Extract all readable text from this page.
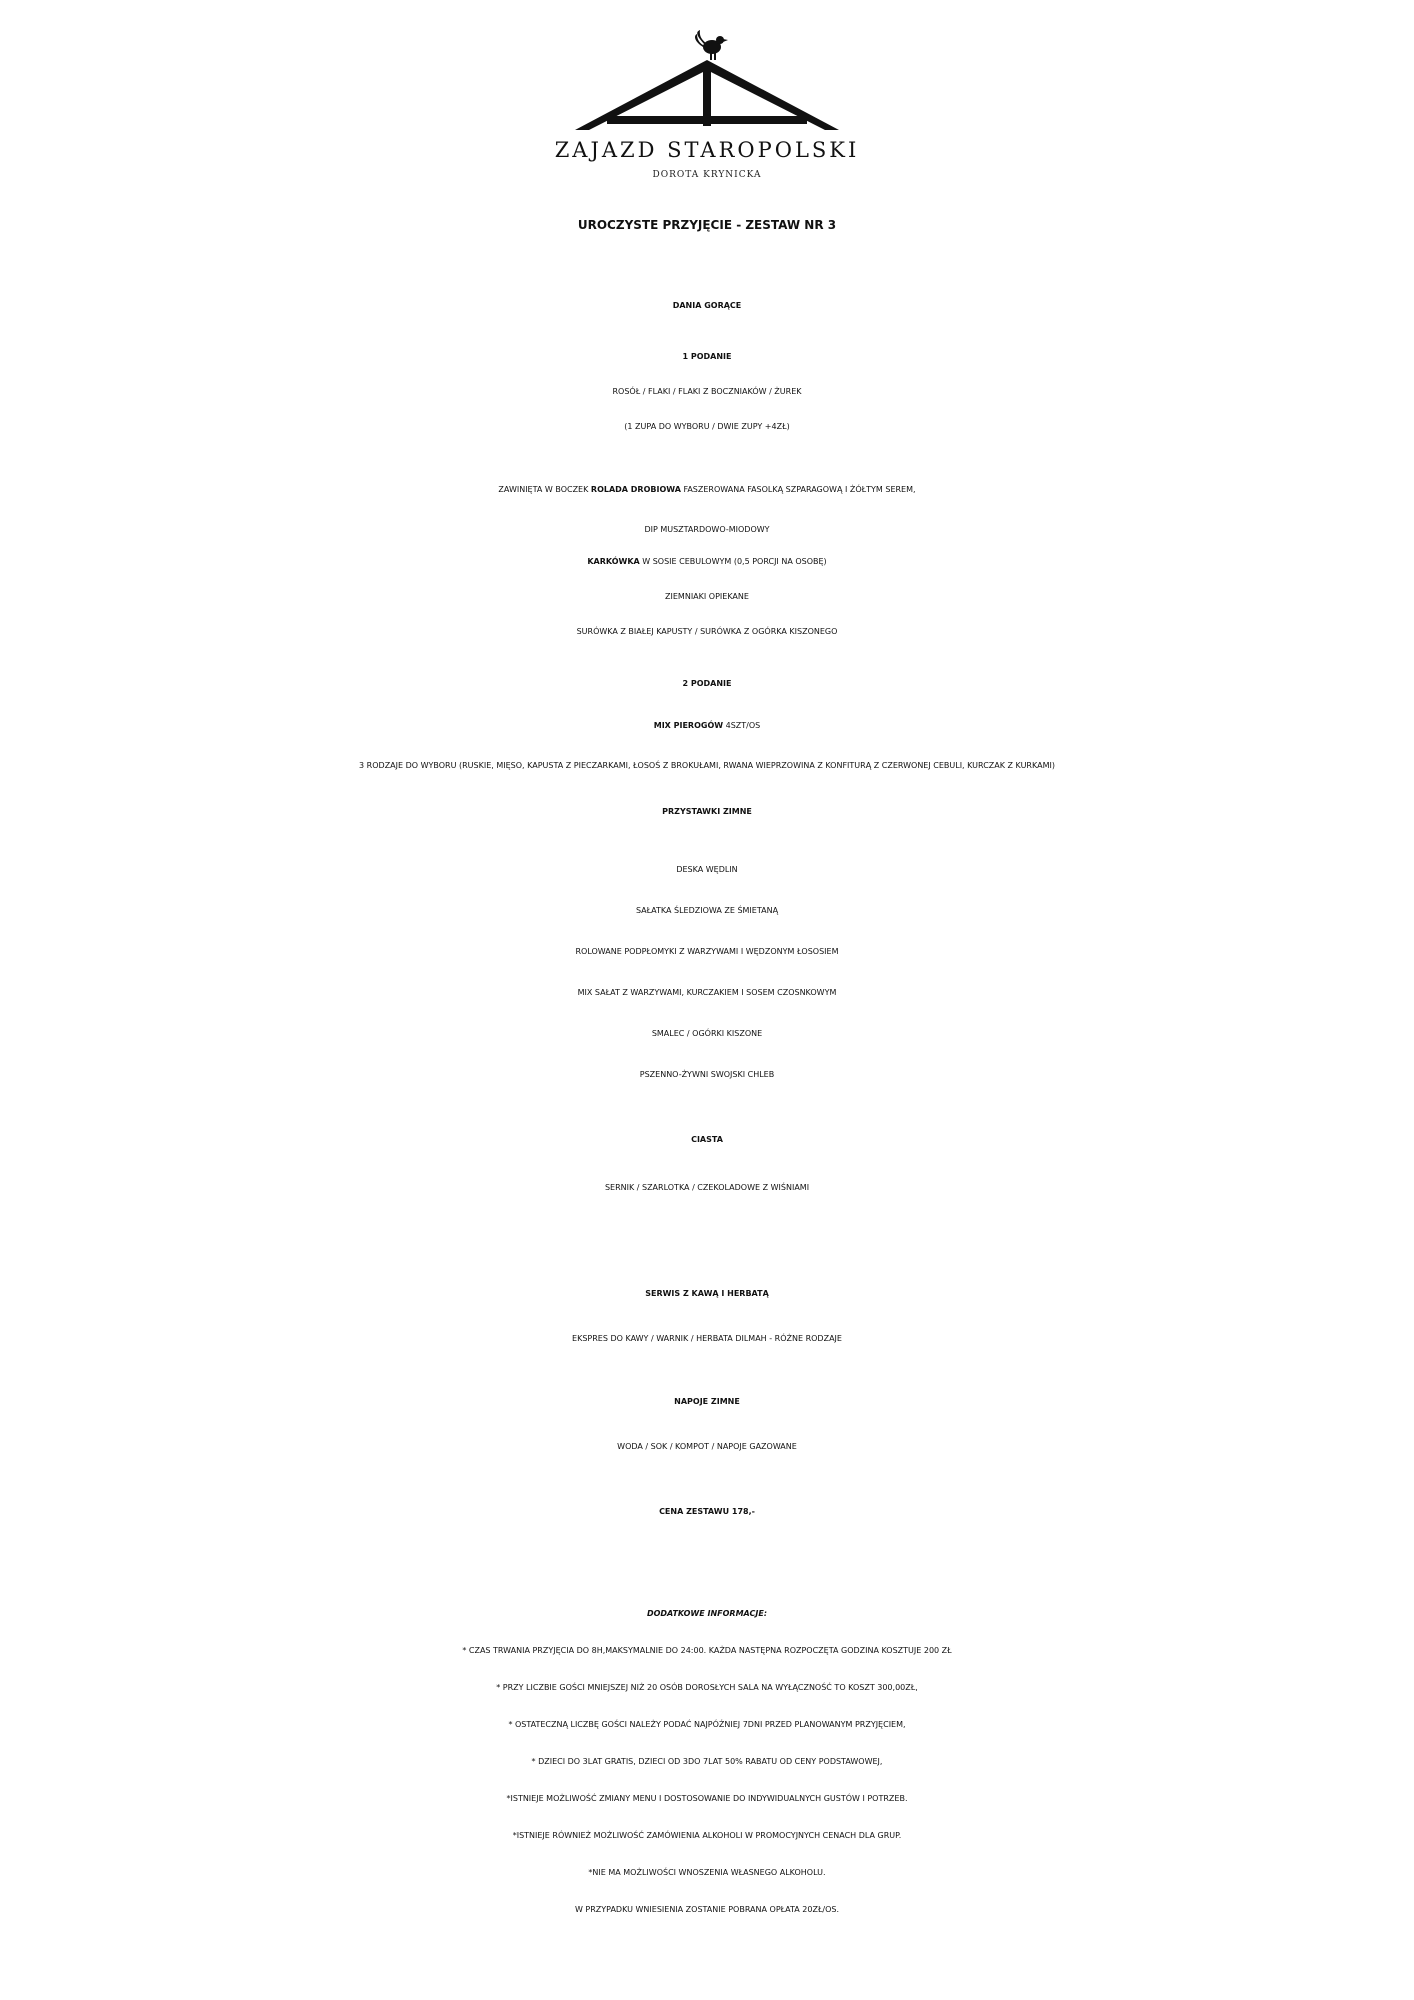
ZAJAZD STAROPOLSKI
DOROTA KRYNICKA
UROCZYSTE PRZYJĘCIE - ZESTAW NR 3
DANIA GORĄCE
1 PODANIE
ROSÓŁ / FLAKI / FLAKI Z BOCZNIAKÓW / ŻUREK
(1 ZUPA DO WYBORU / DWIE ZUPY +4ZŁ)
ZAWINIĘTA W BOCZEK ROLADA DROBIOWA FASZEROWANA FASOLKĄ SZPARAGOWĄ I ŻÓŁTYM SEREM,
DIP MUSZTARDOWO-MIODOWY
KARKÓWKA W SOSIE CEBULOWYM (0,5 PORCJI NA OSOBĘ)
ZIEMNIAKI OPIEKANE
SURÓWKA Z BIAŁEJ KAPUSTY / SURÓWKA Z OGÓRKA KISZONEGO
2 PODANIE
MIX PIEROGÓW 4SZT/OS
3 RODZAJE DO WYBORU (RUSKIE, MIĘSO, KAPUSTA Z PIECZARKAMI, ŁOSOŚ Z BROKUŁAMI, RWANA WIEPRZOWINA Z KONFITURĄ Z CZERWONEJ CEBULI, KURCZAK Z KURKAMI)
PRZYSTAWKI ZIMNE
DESKA WĘDLIN
SAŁATKA ŚLEDZIOWA ZE ŚMIETANĄ
ROLOWANE PODPŁOMYKI Z WARZYWAMI I WĘDZONYM ŁOSOSIEM
MIX SAŁAT Z WARZYWAMI, KURCZAKIEM I SOSEM CZOSNKOWYM
SMALEC / OGÓRKI KISZONE
PSZENNO-ŻYWNI SWOJSKI CHLEB
CIASTA
SERNIK / SZARLOTKA / CZEKOLADOWE Z WIŚNIAMI
SERWIS Z KAWĄ I HERBATĄ
EKSPRES DO KAWY / WARNIK / HERBATA DILMAH - RÓŻNE RODZAJE
NAPOJE ZIMNE
WODA / SOK / KOMPOT / NAPOJE GAZOWANE
CENA ZESTAWU 178,-
DODATKOWE INFORMACJE:
* CZAS TRWANIA PRZYJĘCIA DO 8H,MAKSYMALNIE DO 24:00. KAŻDA NASTĘPNA ROZPOCZĘTA GODZINA KOSZTUJE 200 ZŁ
* PRZY LICZBIE GOŚCI MNIEJSZEJ NIŻ 20 OSÓB DOROSŁYCH SALA NA WYŁĄCZNOŚĆ TO KOSZT 300,00ZŁ,
* OSTATECZNĄ LICZBĘ GOŚCI NALEŻY PODAĆ NAJPÓŹNIEJ 7DNI PRZED PLANOWANYM PRZYJĘCIEM,
* DZIECI DO 3LAT GRATIS, DZIECI OD 3DO 7LAT 50% RABATU OD CENY PODSTAWOWEJ,
*ISTNIEJE MOŻLIWOŚĆ ZMIANY MENU I DOSTOSOWANIE DO INDYWIDUALNYCH GUSTÓW I POTRZEB.
*ISTNIEJE RÓWNIEŻ MOŻLIWOŚĆ ZAMÓWIENIA ALKOHOLI W PROMOCYJNYCH CENACH DLA GRUP.
*NIE MA MOŻLIWOŚCI WNOSZENIA WŁASNEGO ALKOHOLU.
W PRZYPADKU WNIESIENIA ZOSTANIE POBRANA OPŁATA 20ZŁ/OS.
